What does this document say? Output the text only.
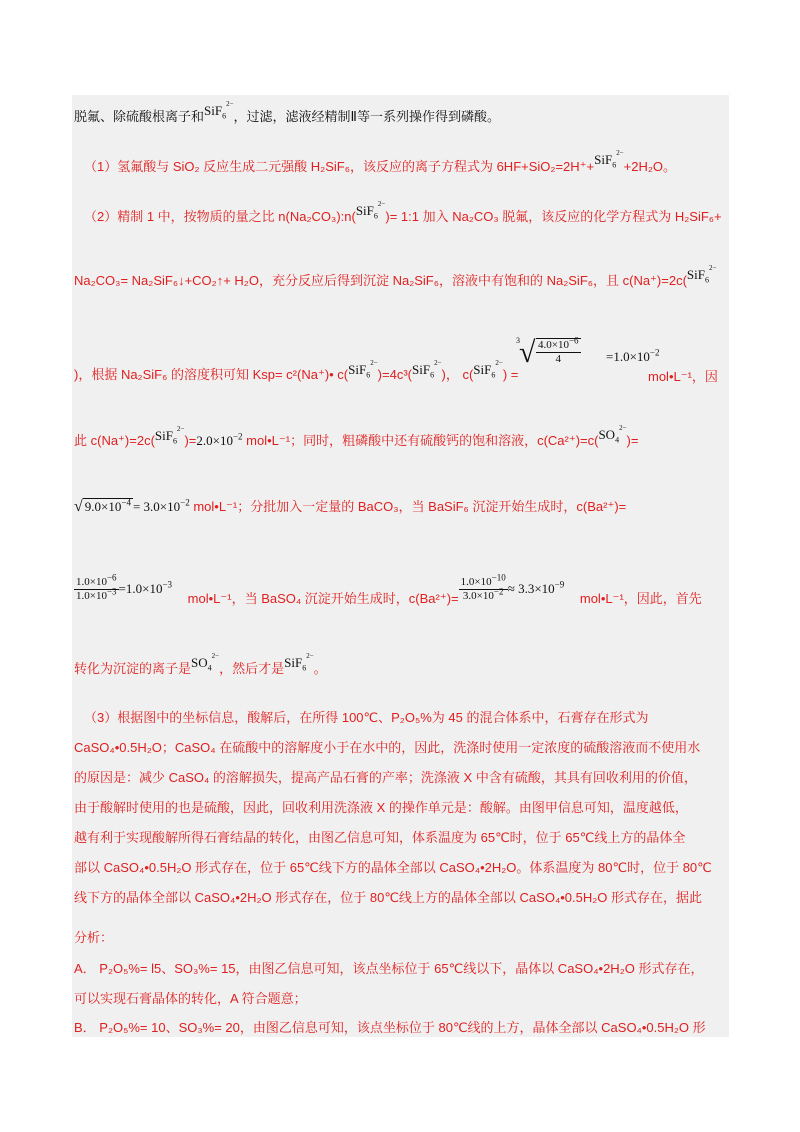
脱氟、除硫酸根离子和SiF$_6^{2-}$，过滤，滤液经精制Ⅱ等一系列操作得到磷酸。
（1）氢氟酸与 SiO₂ 反应生成二元强酸 H₂SiF₆，该反应的离子方程式为 6HF+SiO₂=2H⁺+SiF$_6^{2-}$+2H₂O。
（2）精制 1 中，按物质的量之比 n(Na₂CO₃):n(SiF$_6^{2-}$)= 1:1 加入 Na₂CO₃ 脱氟，该反应的化学方程式为 H₂SiF₆+
Na₂CO₃= Na₂SiF₆↓+CO₂↑+ H₂O，充分反应后得到沉淀 Na₂SiF₆，溶液中有饱和的 Na₂SiF₆，且 c(Na⁺)=2c(SiF$_6^{2-}$
)，根据 Na₂SiF₆ 的溶度积可知 Ksp= c²(Na⁺)• c(SiF$_6^{2-}$)=4c³(SiF$_6^{2-}$)， c(SiF$_6^{2-}$) =
3 √ $\frac{4.0\times 10^{-6}}{4} =1.0\times 10^{-2}$
mol•L⁻¹，因
此 $c(Na^+)=2c(SiF_6^{2-})=2.0\times 10^{-2}$ mol•L⁻¹；同时，粗磷酸中还有硫酸钙的饱和溶液，$c(Ca^{2+})=c(SO_4^{2-})=$
√ $9.0\times 10^{-4} = 3.0\times 10^{-2}$ mol•L⁻¹；分批加入一定量的 BaCO₃，当 BaSiF₆ 沉淀开始生成时，c(Ba²⁺)=
$\frac{1.0\times 10^{-6}}{1.0\times 10^{-3}} =1.0\times 10^{-3}$ mol•L⁻¹，当 BaSO₄ 沉淀开始生成时，$c(Ba^{2+})= \frac{1.0\times 10^{-10}}{3.0\times 10^{-2}} \approx 3.3\times 10^{-9}$ mol•L⁻¹，因此，首先
转化为沉淀的离子是$SO_4^{2-}$，然后才是SiF$_6^{2-}$。
（3）根据图中的坐标信息，酸解后，在所得 100℃、P₂O₅%为 45 的混合体系中，石膏存在形式为
CaSO₄•0.5H₂O；CaSO₄ 在硫酸中的溶解度小于在水中的，因此，洗涤时使用一定浓度的硫酸溶液而不使用水
的原因是：减少 CaSO₄ 的溶解损失，提高产品石膏的产率；洗涤液 X 中含有硫酸，其具有回收利用的价值，
由于酸解时使用的也是硫酸，因此，回收利用洗涤液 X 的操作单元是：酸解。由图甲信息可知，温度越低，
越有利于实现酸解所得石膏结晶的转化，由图乙信息可知，体系温度为 65℃时，位于 65℃线上方的晶体全
部以 CaSO₄•0.5H₂O 形式存在，位于 65℃线下方的晶体全部以 CaSO₄•2H₂O。体系温度为 80℃时，位于 80℃
线下方的晶体全部以 CaSO₄•2H₂O 形式存在，位于 80℃线上方的晶体全部以 CaSO₄•0.5H₂O 形式存在，据此
分析：
A． P₂O₅%= l5、SO₃%= 15，由图乙信息可知，该点坐标位于 65℃线以下，晶体以 CaSO₄•2H₂O 形式存在，
可以实现石膏晶体的转化，A 符合题意；
B． P₂O₅%= 10、SO₃%= 20，由图乙信息可知，该点坐标位于 80℃线的上方，晶体全部以 CaSO₄•0.5H₂O 形
